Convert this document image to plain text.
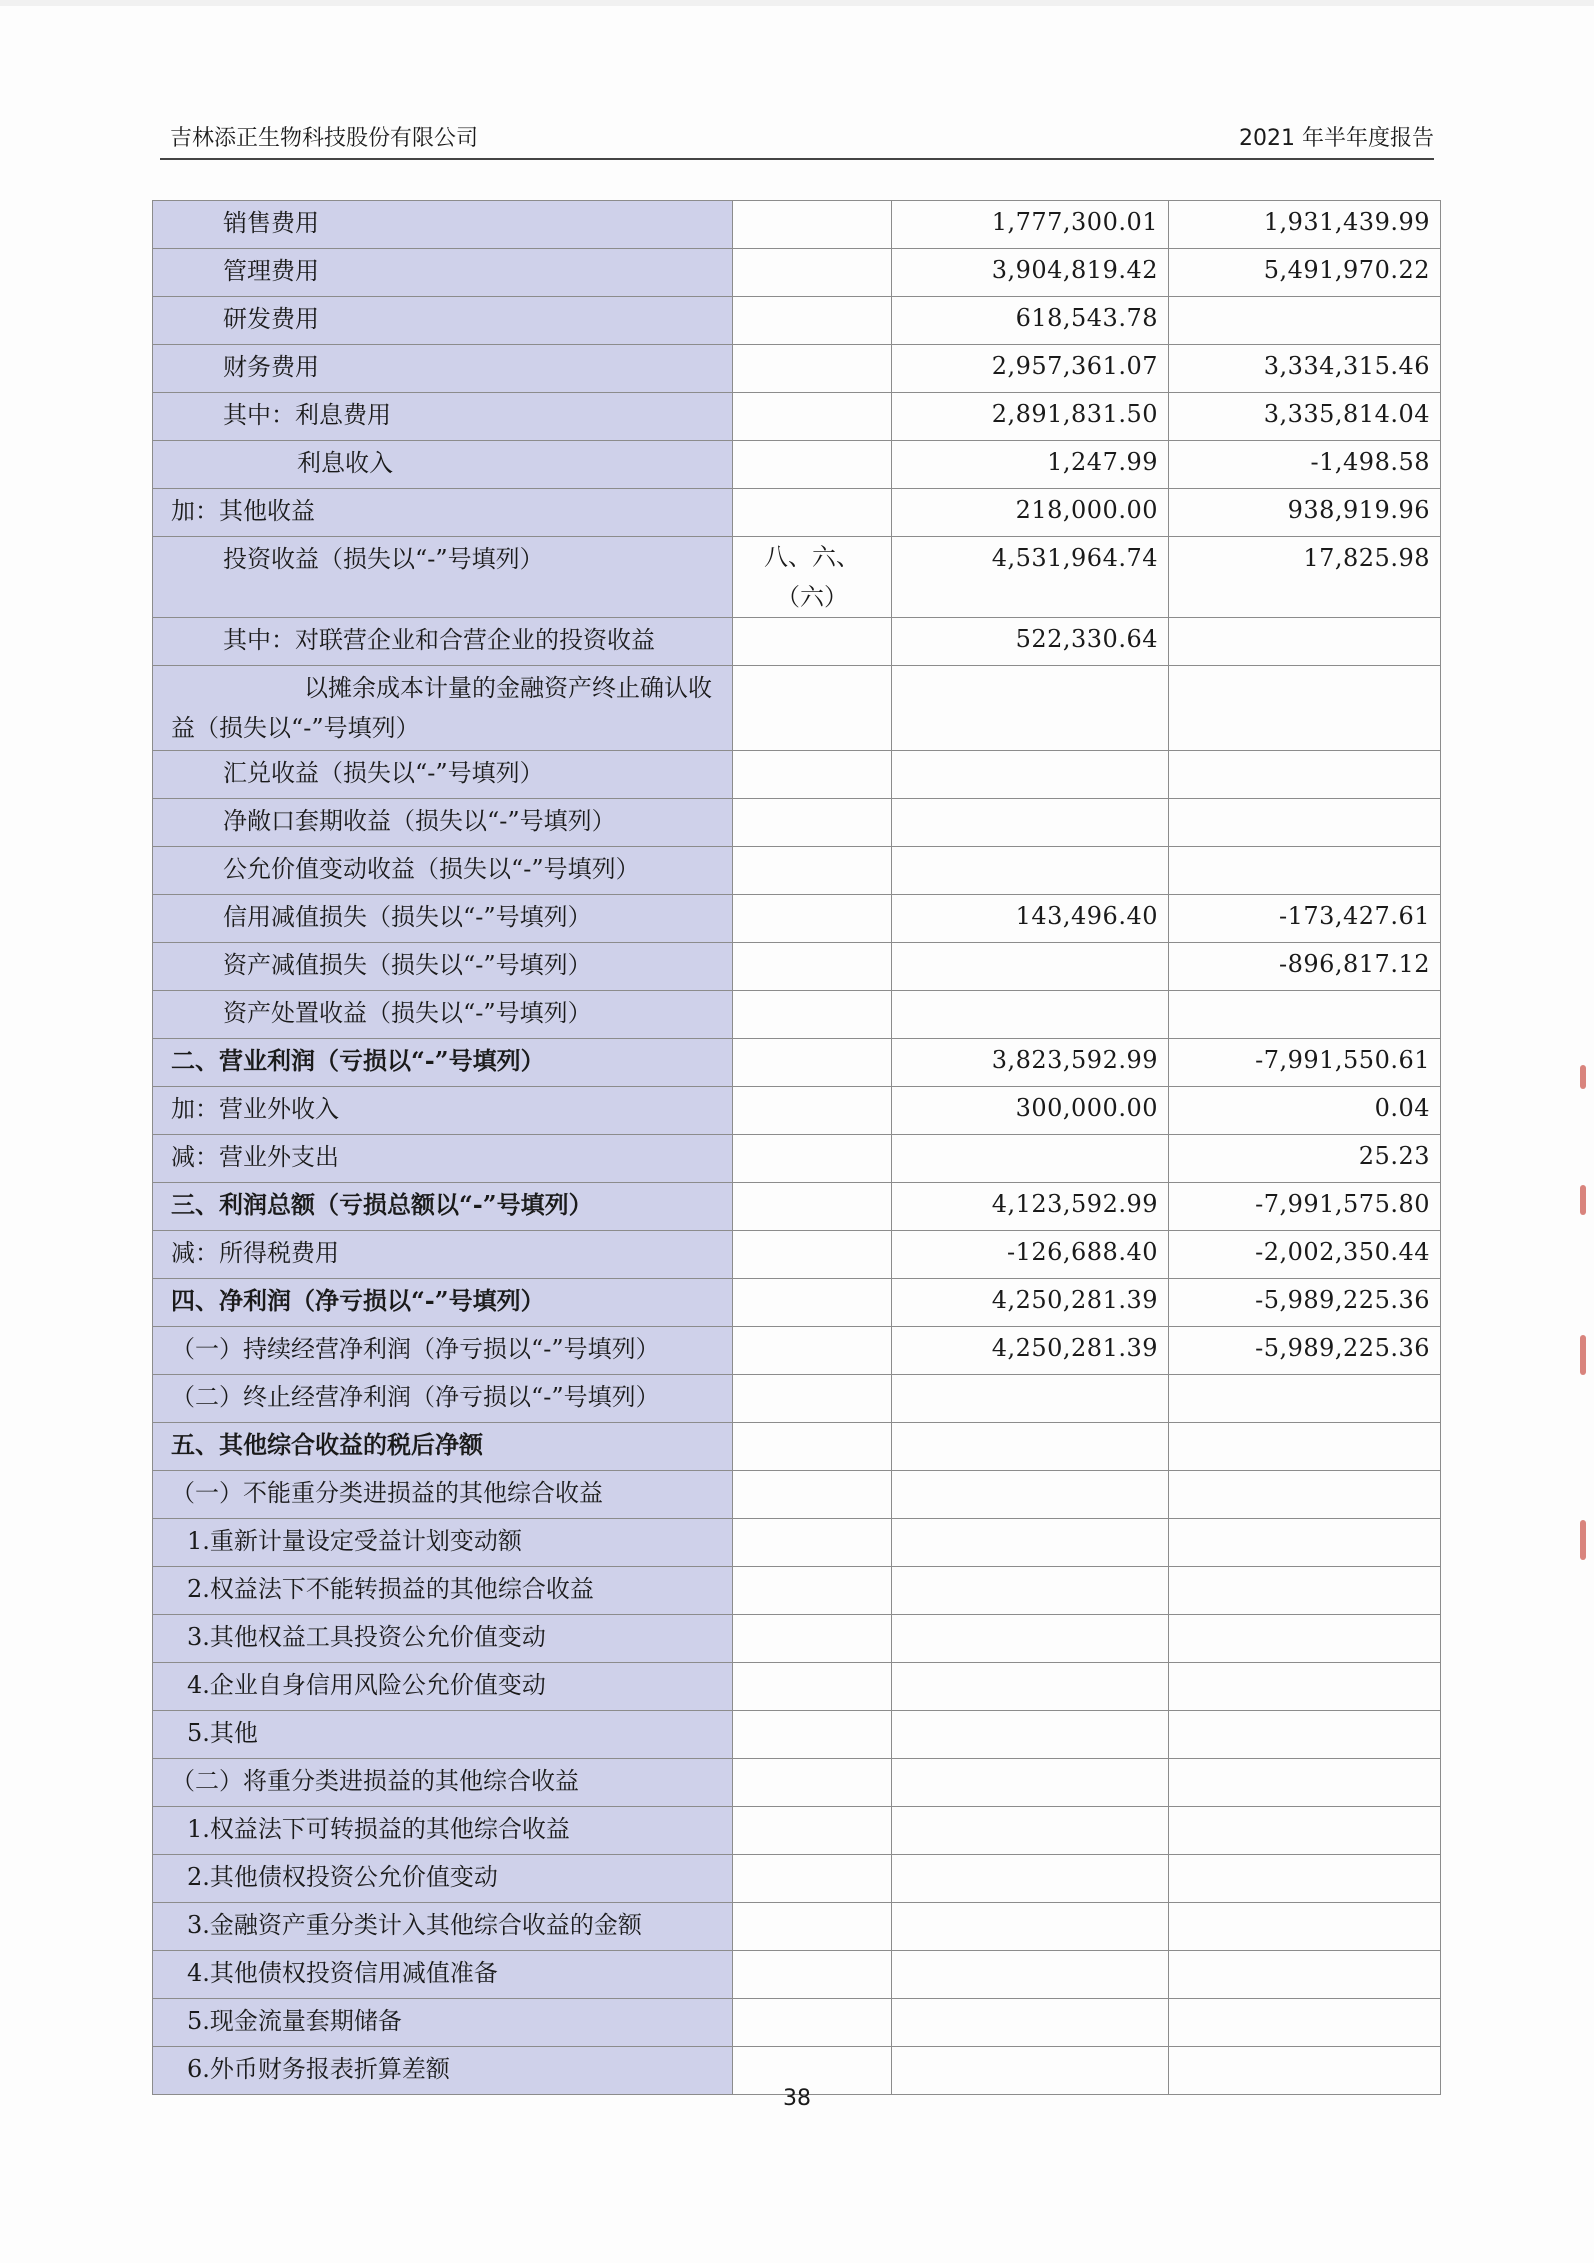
吉林添正生物科技股份有限公司	2021 年半年度报告
销售费用		1,777,300.01	1,931,439.99
管理费用		3,904,819.42	5,491,970.22
研发费用		618,543.78	
财务费用		2,957,361.07	3,334,315.46
其中：利息费用		2,891,831.50	3,335,814.04
利息收入		1,247.99	-1,498.58
加：其他收益		218,000.00	938,919.96
投资收益（损失以“-”号填列）	八、六、（六）	4,531,964.74	17,825.98
其中：对联营企业和合营企业的投资收益		522,330.64	
以摊余成本计量的金融资产终止确认收益（损失以“-”号填列）			
汇兑收益（损失以“-”号填列）			
净敞口套期收益（损失以“-”号填列）			
公允价值变动收益（损失以“-”号填列）			
信用减值损失（损失以“-”号填列）		143,496.40	-173,427.61
资产减值损失（损失以“-”号填列）			-896,817.12
资产处置收益（损失以“-”号填列）			
二、营业利润（亏损以“-”号填列）		3,823,592.99	-7,991,550.61
加：营业外收入		300,000.00	0.04
减：营业外支出			25.23
三、利润总额（亏损总额以“-”号填列）		4,123,592.99	-7,991,575.80
减：所得税费用		-126,688.40	-2,002,350.44
四、净利润（净亏损以“-”号填列）		4,250,281.39	-5,989,225.36
（一）持续经营净利润（净亏损以“-”号填列）		4,250,281.39	-5,989,225.36
（二）终止经营净利润（净亏损以“-”号填列）			
五、其他综合收益的税后净额			
（一）不能重分类进损益的其他综合收益			
1.重新计量设定受益计划变动额			
2.权益法下不能转损益的其他综合收益			
3.其他权益工具投资公允价值变动			
4.企业自身信用风险公允价值变动			
5.其他			
（二）将重分类进损益的其他综合收益			
1.权益法下可转损益的其他综合收益			
2.其他债权投资公允价值变动			
3.金融资产重分类计入其他综合收益的金额			
4.其他债权投资信用减值准备			
5.现金流量套期储备			
6.外币财务报表折算差额			
38
